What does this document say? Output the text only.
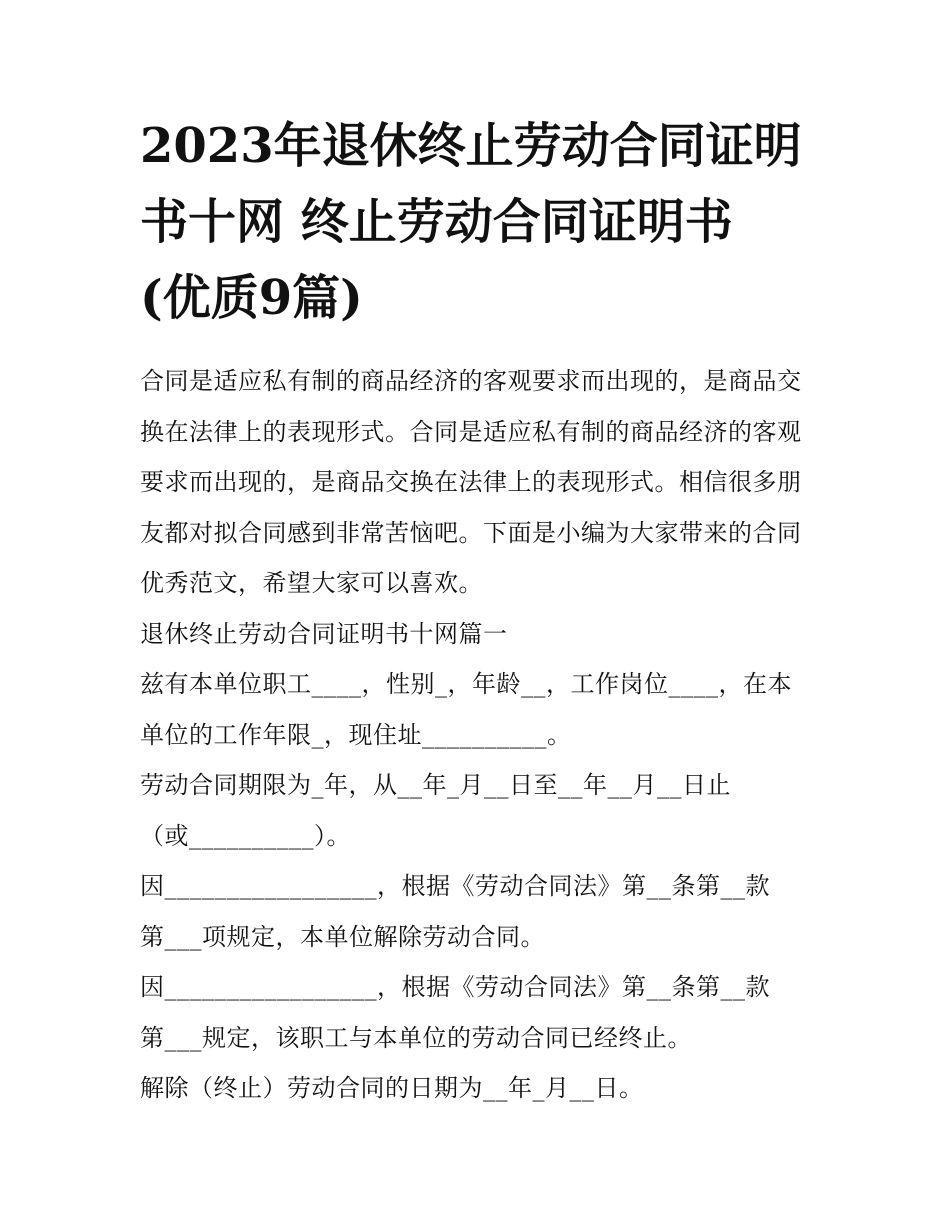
2023年退休终止劳动合同证明
书十网 终止劳动合同证明书
(优质9篇)
合同是适应私有制的商品经济的客观要求而出现的，是商品交
换在法律上的表现形式。合同是适应私有制的商品经济的客观
要求而出现的，是商品交换在法律上的表现形式。相信很多朋
友都对拟合同感到非常苦恼吧。下面是小编为大家带来的合同
优秀范文，希望大家可以喜欢。
退休终止劳动合同证明书十网篇一
兹有本单位职工____，性别_，年龄__，工作岗位____，在本
单位的工作年限_，现住址__________。
劳动合同期限为_年，从__年_月__日至__年__月__日止
（或__________）。
因_________________，根据《劳动合同法》第__条第__款
第___项规定，本单位解除劳动合同。
因_________________，根据《劳动合同法》第__条第__款
第___规定，该职工与本单位的劳动合同已经终止。
解除（终止）劳动合同的日期为__年_月__日。
